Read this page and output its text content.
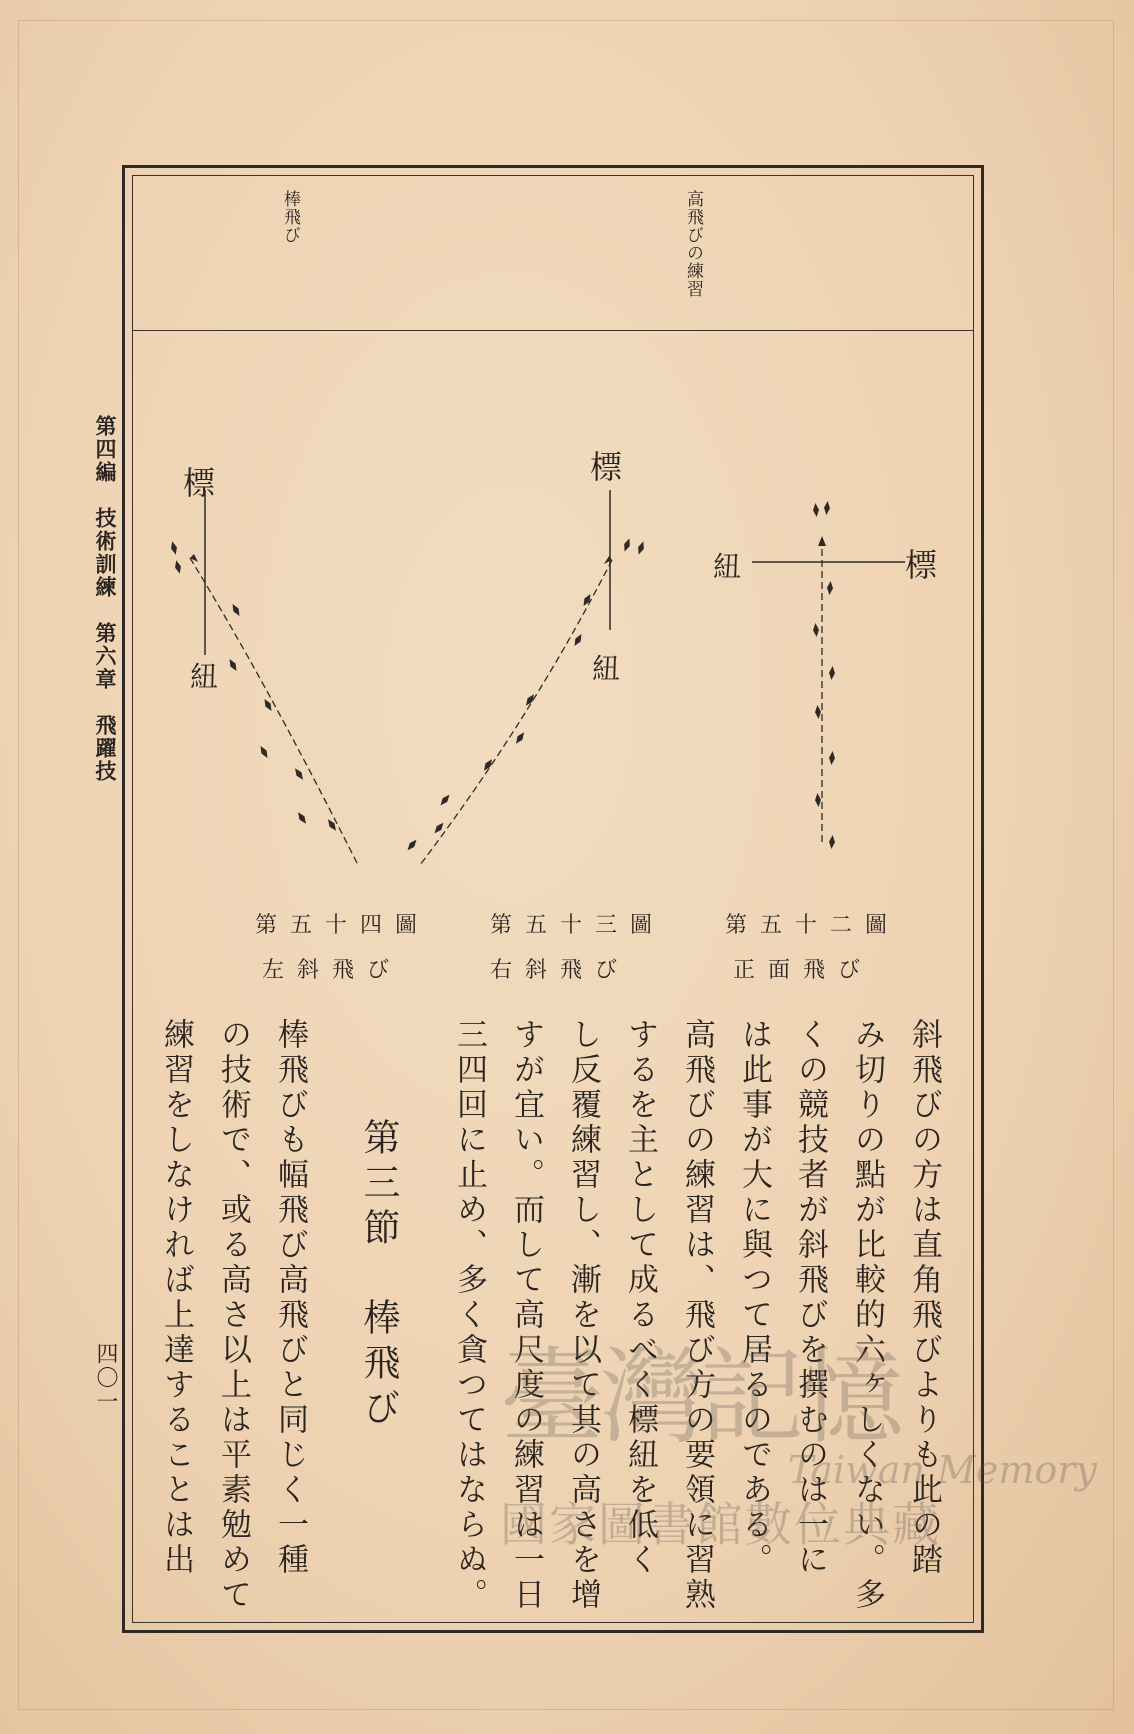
棒飛び	高飛びの練習
第四編　技術訓練　第六章　飛躍技
四〇一
標
紐
標
紐
標
紐
第五十四圖
左斜飛び
第五十三圖
右斜飛び
第五十二圖
正面飛び
斜飛びの方は直角飛びよりも此の踏
み切りの點が比較的六ヶしくない。多
くの競技者が斜飛びを撰むのは一に
は此事が大に與つて居るのである。
高飛びの練習は、飛び方の要領に習熟
するを主として成るべく標紐を低く
し反覆練習し、漸を以て其の高さを增
すが宜い。而して高尺度の練習は一日
三四回に止め、多く貪つてはならぬ。
第三節　棒飛び
棒飛びも幅飛び高飛びと同じく一種
の技術で、或る高さ以上は平素勉めて
練習をしなければ上達することは出	臺灣記憶
Taiwan Memory
國家圖書館數位典藏
